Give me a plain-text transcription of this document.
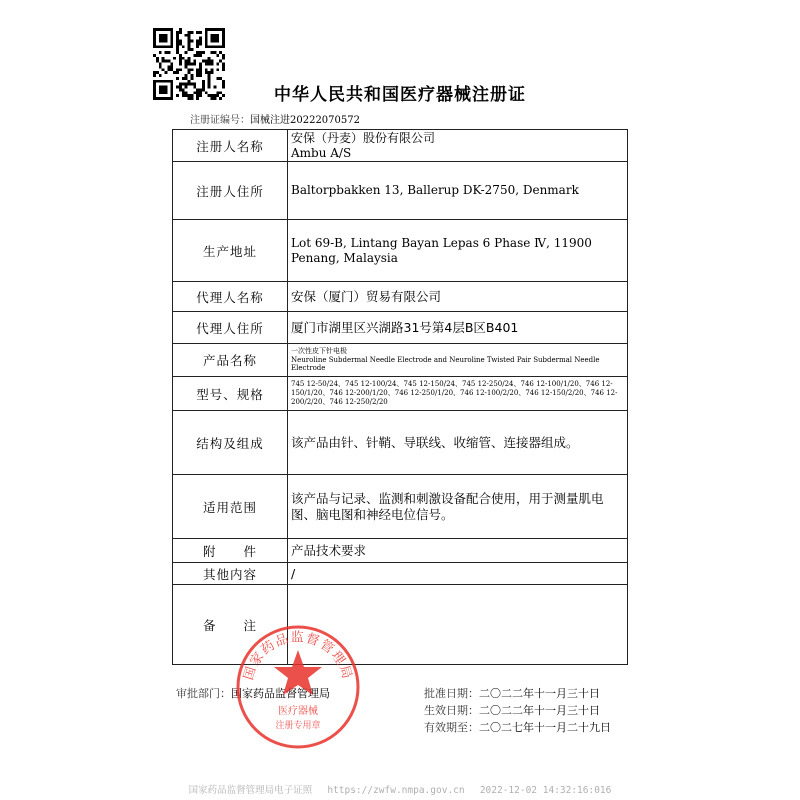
中华人民共和国医疗器械注册证
注册证编号：国械注进20222070572
注册人名称	安保（丹麦）股份有限公司
Ambu A/S

注册人住所	Baltorpbakken 13, Ballerup DK-2750, Denmark

生产地址	Lot 69-B, Lintang Bayan Lepas 6 Phase Ⅳ, 11900 Penang, Malaysia

代理人名称	安保（厦门）贸易有限公司

代理人住所	厦门市湖里区兴湖路31号第4层B区B401

产品名称	一次性皮下针电极
Neuroline Subdermal Needle Electrode and Neuroline Twisted Pair Subdermal Needle Electrode

型号、规格	745 12-50/24、745 12-100/24、745 12-150/24、745 12-250/24、746 12-100/1/20、746 12-150/1/20、746 12-200/1/20、746 12-250/1/20、746 12-100/2/20、746 12-150/2/20、746 12-200/2/20、746 12-250/2/20

结构及组成	该产品由针、针鞘、导联线、收缩管、连接器组成。

适用范围	该产品与记录、监测和刺激设备配合使用，用于测量肌电图、脑电图和神经电位信号。

附　　件	产品技术要求

其他内容	/

备　　注	
审批部门：国家药品监督管理局	批准日期：二〇二二年十一月三十日
生效日期：二〇二二年十一月三十日
有效期至：二〇二七年十一月二十九日
国家药品监督管理局
医疗器械
注册专用章
国家药品监督管理局电子证照　 https://zwfw.nmpa.gov.cn　 2022-12-02 14:32:16:016
